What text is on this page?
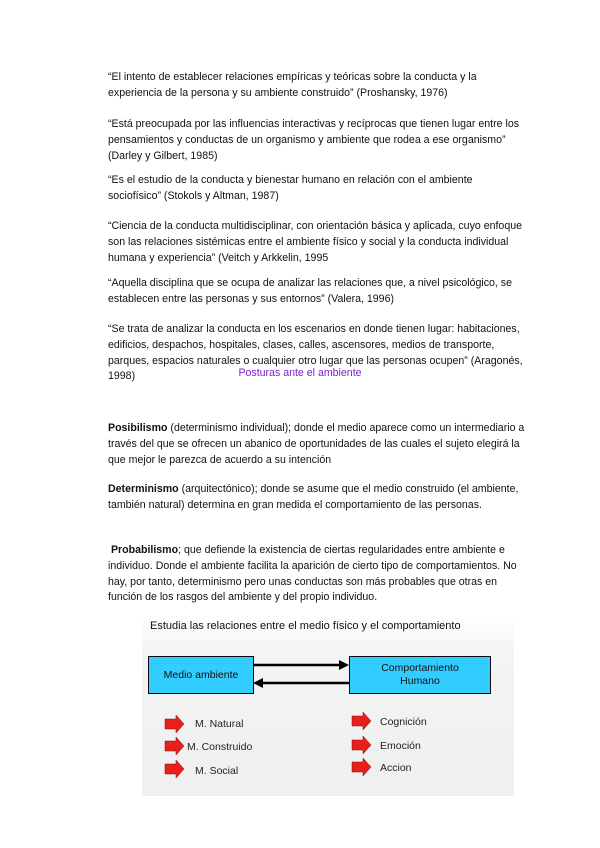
“El intento de establecer relaciones empíricas y teóricas sobre la conducta y la experiencia de la persona y su ambiente construido” (Proshansky, 1976)

“Está preocupada por las influencias interactivas y recíprocas que tienen lugar entre los pensamientos y conductas de un organismo y ambiente que rodea a ese organismo” (Darley y Gilbert, 1985)

“Es el estudio de la conducta y bienestar humano en relación con el ambiente sociofísico” (Stokols y Altman, 1987)

“Ciencia de la conducta multidisciplinar, con orientación básica y aplicada, cuyo enfoque son las relaciones sistémicas entre el ambiente físico y social y la conducta individual humana y experiencia” (Veitch y Arkkelin, 1995

“Aquella disciplina que se ocupa de analizar las relaciones que, a nivel psicológico, se establecen entre las personas y sus entornos” (Valera, 1996)

“Se trata de analizar la conducta en los escenarios en donde tienen lugar: habitaciones, edificios, despachos, hospitales, clases, calles, ascensores, medios de transporte, parques, espacios naturales o cualquier otro lugar que las personas ocupen” (Aragonés, 1998)	Posturas ante el ambiente

Posibilismo (determinismo individual); donde el medio aparece como un intermediario a través del que se ofrecen un abanico de oportunidades de las cuales el sujeto elegirá la que mejor le parezca de acuerdo a su intención

Determinismo (arquitectónico); donde se asume que el medio construido (el ambiente, también natural) determina en gran medida el comportamiento de las personas.

Probabilismo; que defiende la existencia de ciertas regularidades entre ambiente e individuo. Donde el ambiente facilita la aparición de cierto tipo de comportamientos. No hay, por tanto, determinismo pero unas conductas son más probables que otras en función de los rasgos del ambiente y del propio individuo.

Estudia las relaciones entre el medio físico y el comportamiento
Medio ambiente
Comportamiento
Humano
M. Natural
M. Construido
M. Social
Cognición
Emoción
Accion
